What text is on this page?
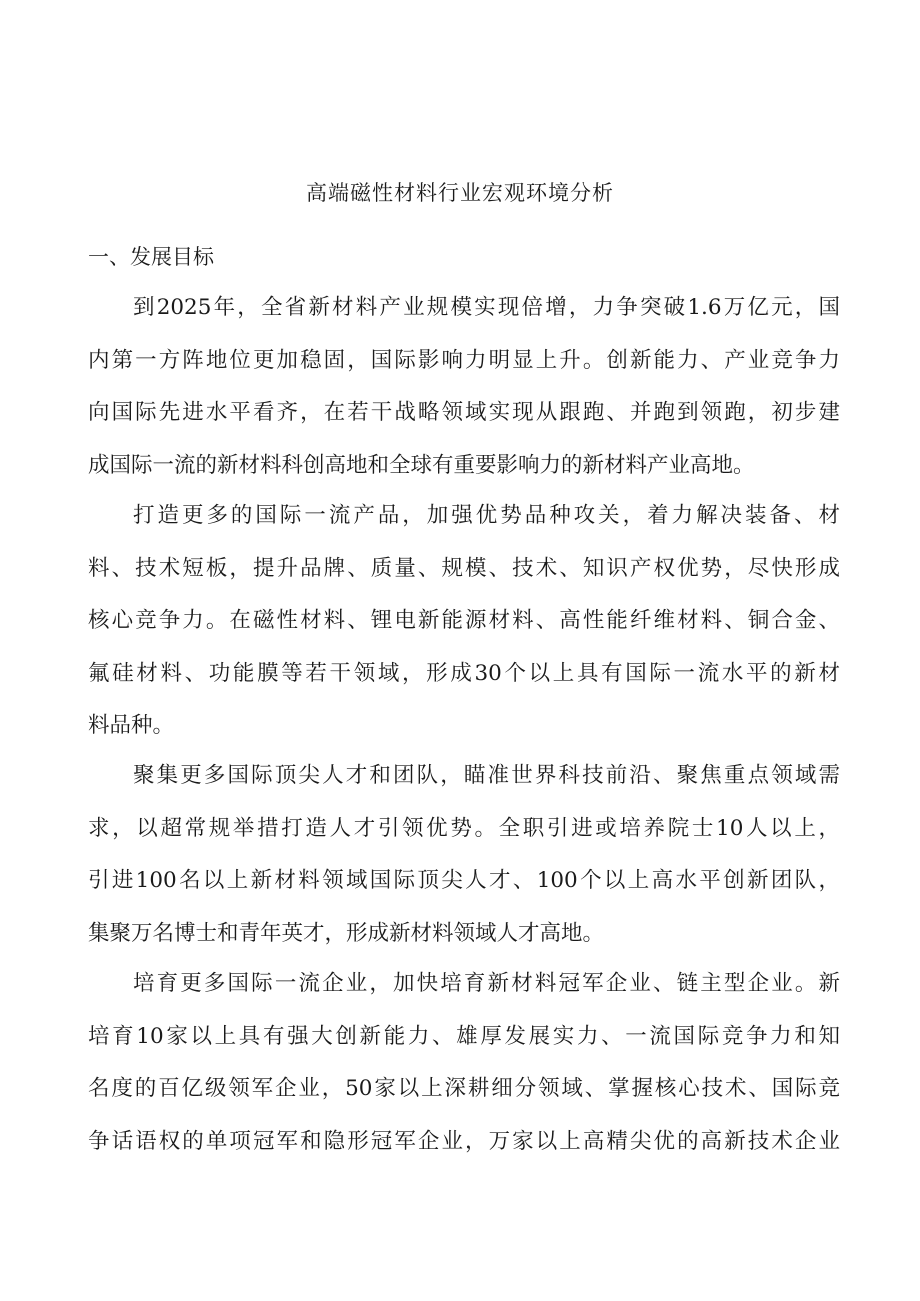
高端磁性材料行业宏观环境分析
一、发展目标

到2025年，全省新材料产业规模实现倍增，力争突破1.6万亿元，国
内第一方阵地位更加稳固，国际影响力明显上升。创新能力、产业竞争力
向国际先进水平看齐，在若干战略领域实现从跟跑、并跑到领跑，初步建
成国际一流的新材料科创高地和全球有重要影响力的新材料产业高地。

打造更多的国际一流产品，加强优势品种攻关，着力解决装备、材
料、技术短板，提升品牌、质量、规模、技术、知识产权优势，尽快形成
核心竞争力。在磁性材料、锂电新能源材料、高性能纤维材料、铜合金、
氟硅材料、功能膜等若干领域，形成30个以上具有国际一流水平的新材
料品种。

聚集更多国际顶尖人才和团队，瞄准世界科技前沿、聚焦重点领域需
求，以超常规举措打造人才引领优势。全职引进或培养院士10人以上，
引进100名以上新材料领域国际顶尖人才、100个以上高水平创新团队，
集聚万名博士和青年英才，形成新材料领域人才高地。

培育更多国际一流企业，加快培育新材料冠军企业、链主型企业。新
培育10家以上具有强大创新能力、雄厚发展实力、一流国际竞争力和知
名度的百亿级领军企业，50家以上深耕细分领域、掌握核心技术、国际竞
争话语权的单项冠军和隐形冠军企业，万家以上高精尖优的高新技术企业
